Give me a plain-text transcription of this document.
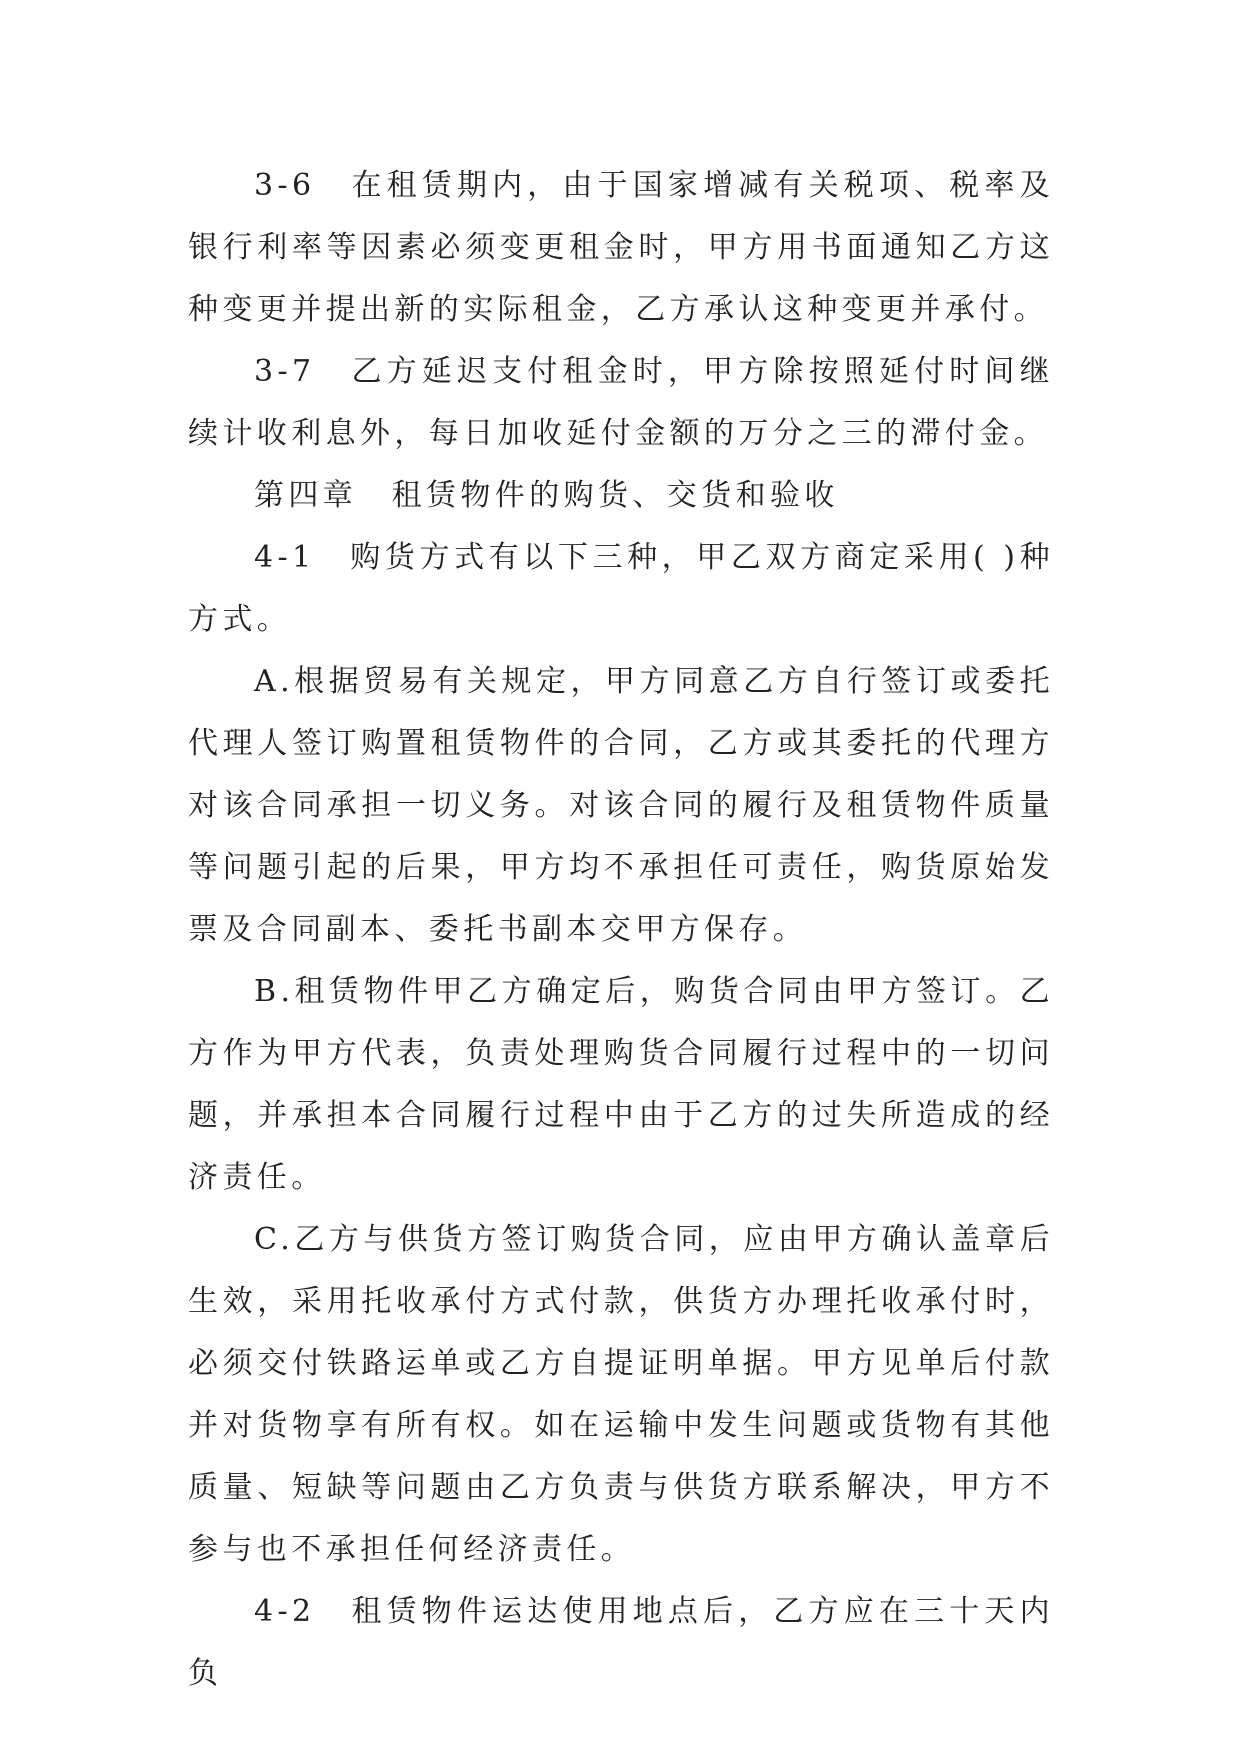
3-6　在租赁期内，由于国家增减有关税项、税率及银行利率等因素必须变更租金时，甲方用书面通知乙方这种变更并提出新的实际租金，乙方承认这种变更并承付。

3-7　乙方延迟支付租金时，甲方除按照延付时间继续计收利息外，每日加收延付金额的万分之三的滞付金。

第四章　租赁物件的购货、交货和验收

4-1　购货方式有以下三种，甲乙双方商定采用( )种方式。

A.根据贸易有关规定，甲方同意乙方自行签订或委托代理人签订购置租赁物件的合同，乙方或其委托的代理方对该合同承担一切义务。对该合同的履行及租赁物件质量等问题引起的后果，甲方均不承担任可责任，购货原始发票及合同副本、委托书副本交甲方保存。

B.租赁物件甲乙方确定后，购货合同由甲方签订。乙方作为甲方代表，负责处理购货合同履行过程中的一切问题，并承担本合同履行过程中由于乙方的过失所造成的经济责任。

C.乙方与供货方签订购货合同，应由甲方确认盖章后生效，采用托收承付方式付款，供货方办理托收承付时，必须交付铁路运单或乙方自提证明单据。甲方见单后付款并对货物享有所有权。如在运输中发生问题或货物有其他质量、短缺等问题由乙方负责与供货方联系解决，甲方不参与也不承担任何经济责任。

4-2　租赁物件运达使用地点后，乙方应在三十天内负
